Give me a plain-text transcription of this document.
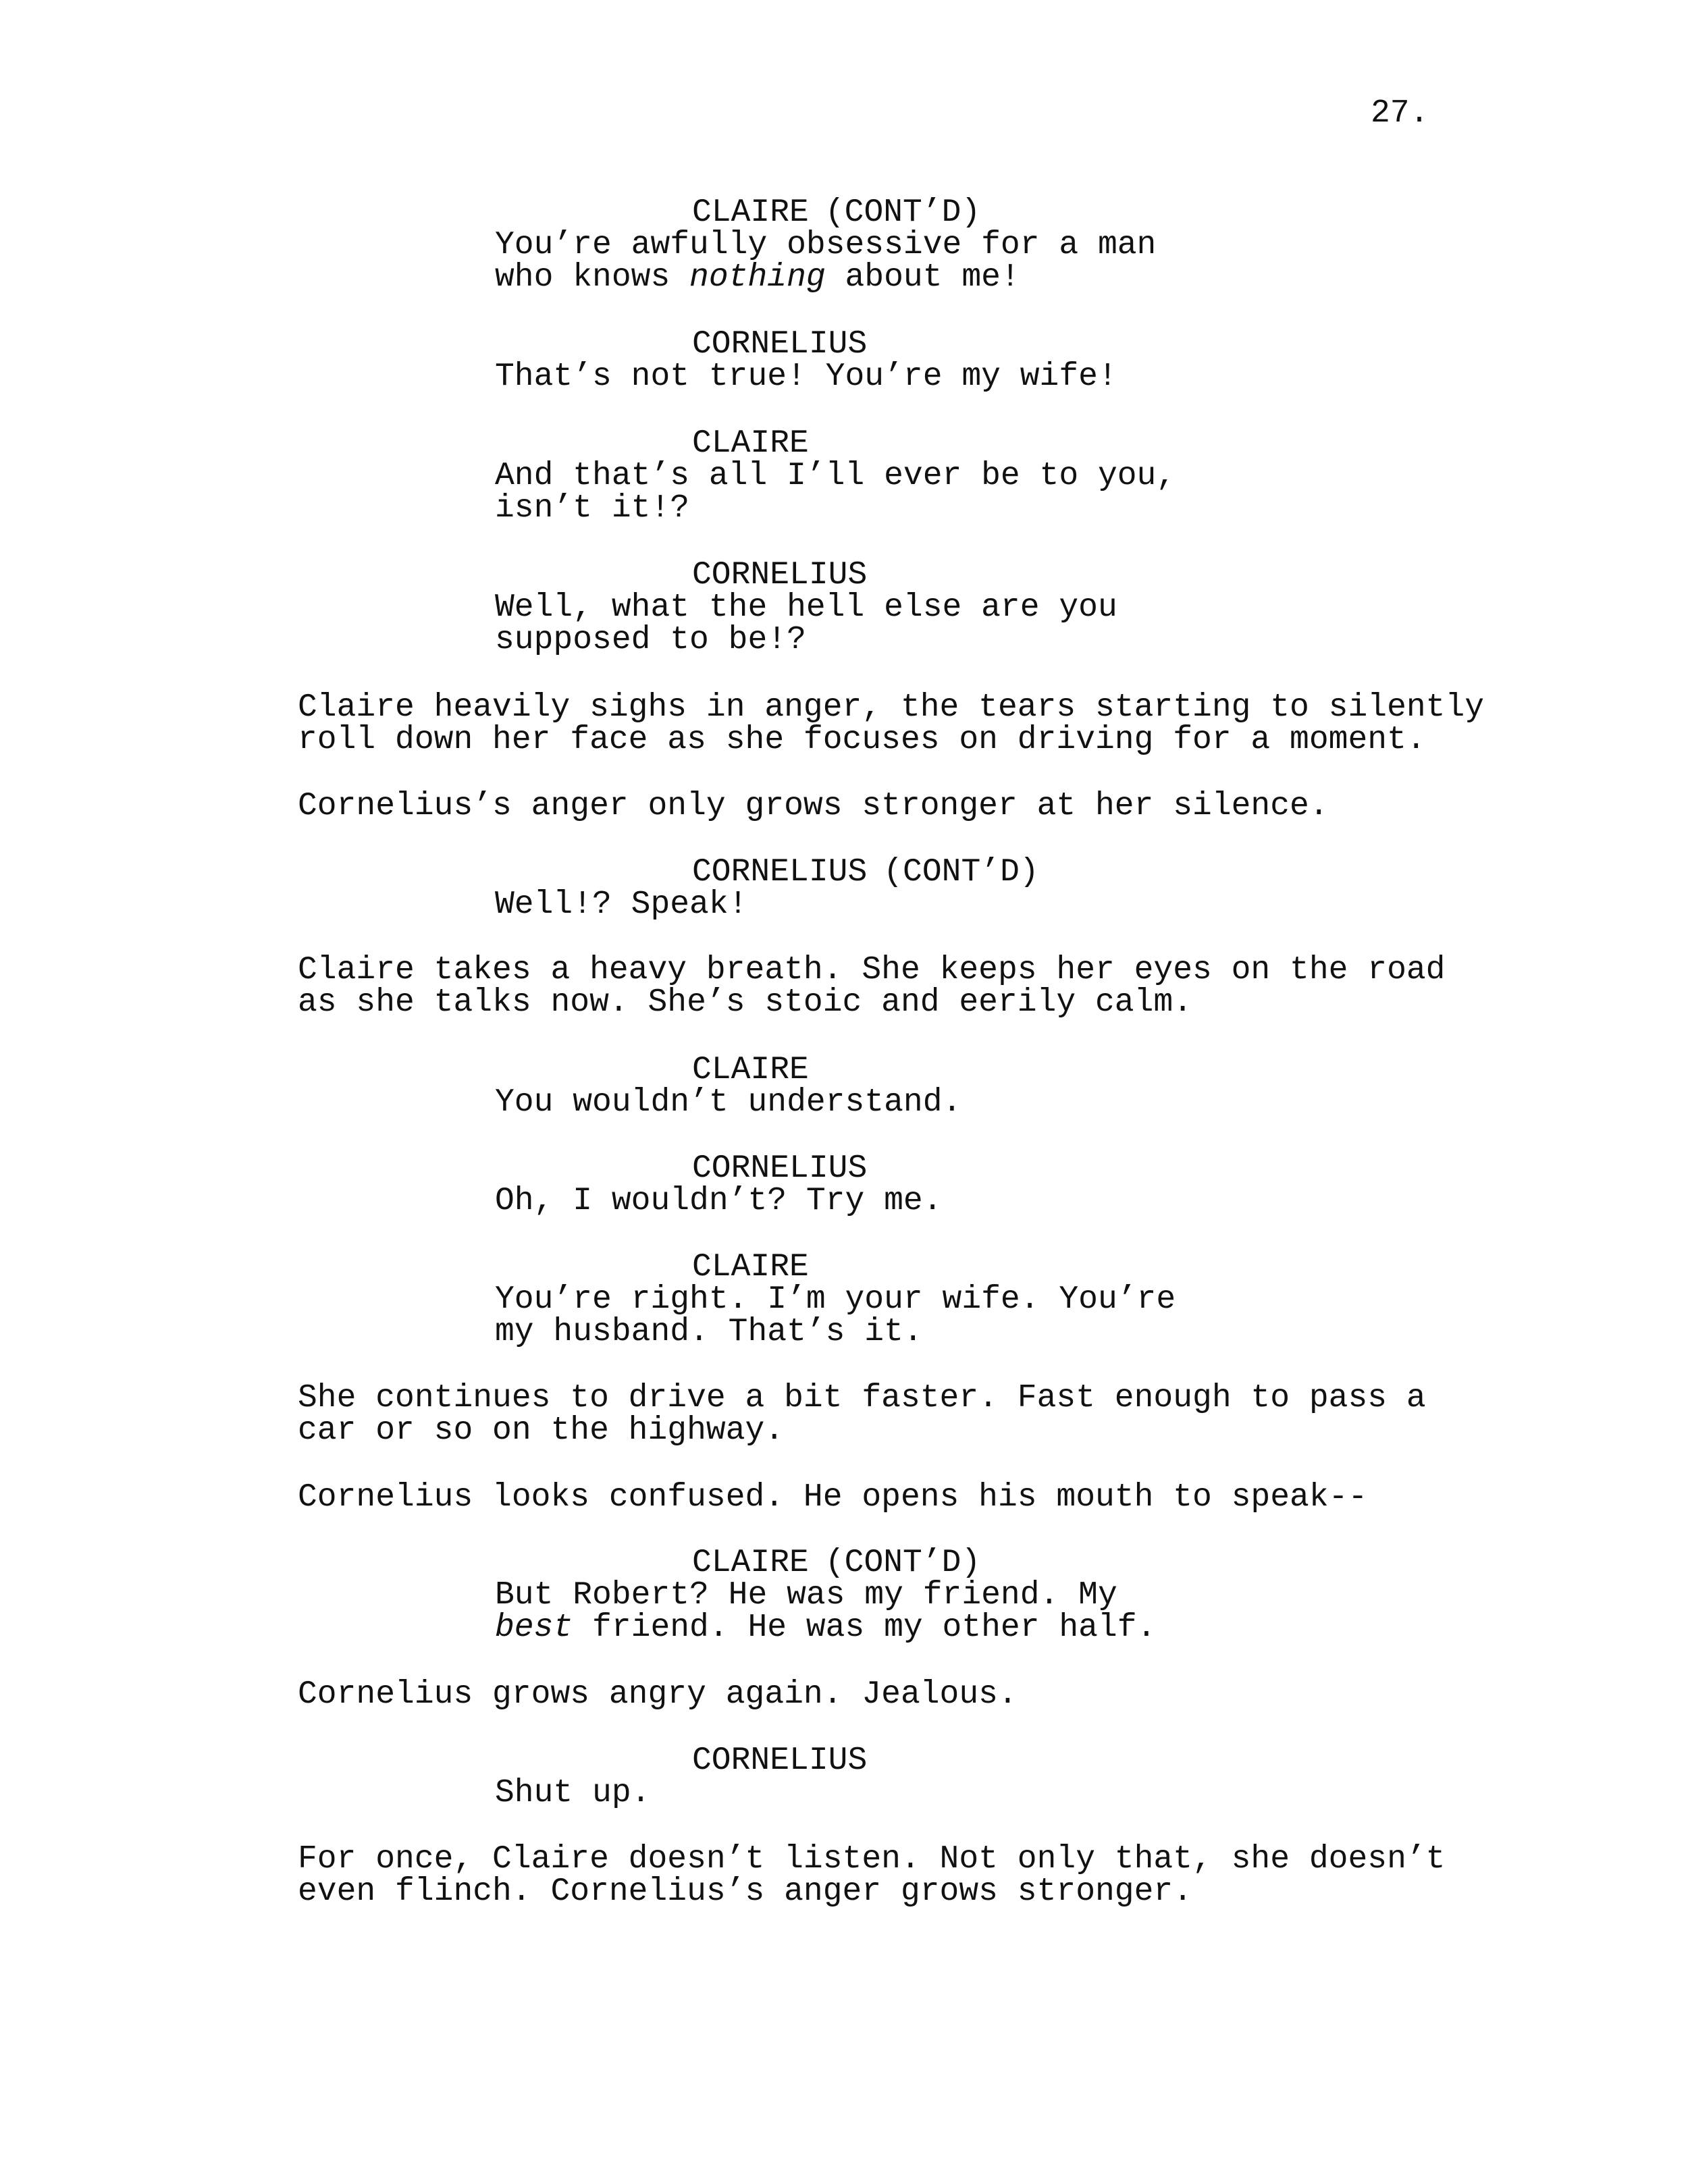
27.
CLAIRE (CONT’D)
You’re awfully obsessive for a man
who knows nothing about me!
CORNELIUS
That’s not true! You’re my wife!
CLAIRE
And that’s all I’ll ever be to you,
isn’t it!?
CORNELIUS
Well, what the hell else are you
supposed to be!?
Claire heavily sighs in anger, the tears starting to silently
roll down her face as she focuses on driving for a moment.
Cornelius’s anger only grows stronger at her silence.
CORNELIUS (CONT’D)
Well!? Speak!
Claire takes a heavy breath. She keeps her eyes on the road
as she talks now. She’s stoic and eerily calm.
CLAIRE
You wouldn’t understand.
CORNELIUS
Oh, I wouldn’t? Try me.
CLAIRE
You’re right. I’m your wife. You’re
my husband. That’s it.
She continues to drive a bit faster. Fast enough to pass a
car or so on the highway.
Cornelius looks confused. He opens his mouth to speak--
CLAIRE (CONT’D)
But Robert? He was my friend. My
best friend. He was my other half.
Cornelius grows angry again. Jealous.
CORNELIUS
Shut up.
For once, Claire doesn’t listen. Not only that, she doesn’t
even flinch. Cornelius’s anger grows stronger.
